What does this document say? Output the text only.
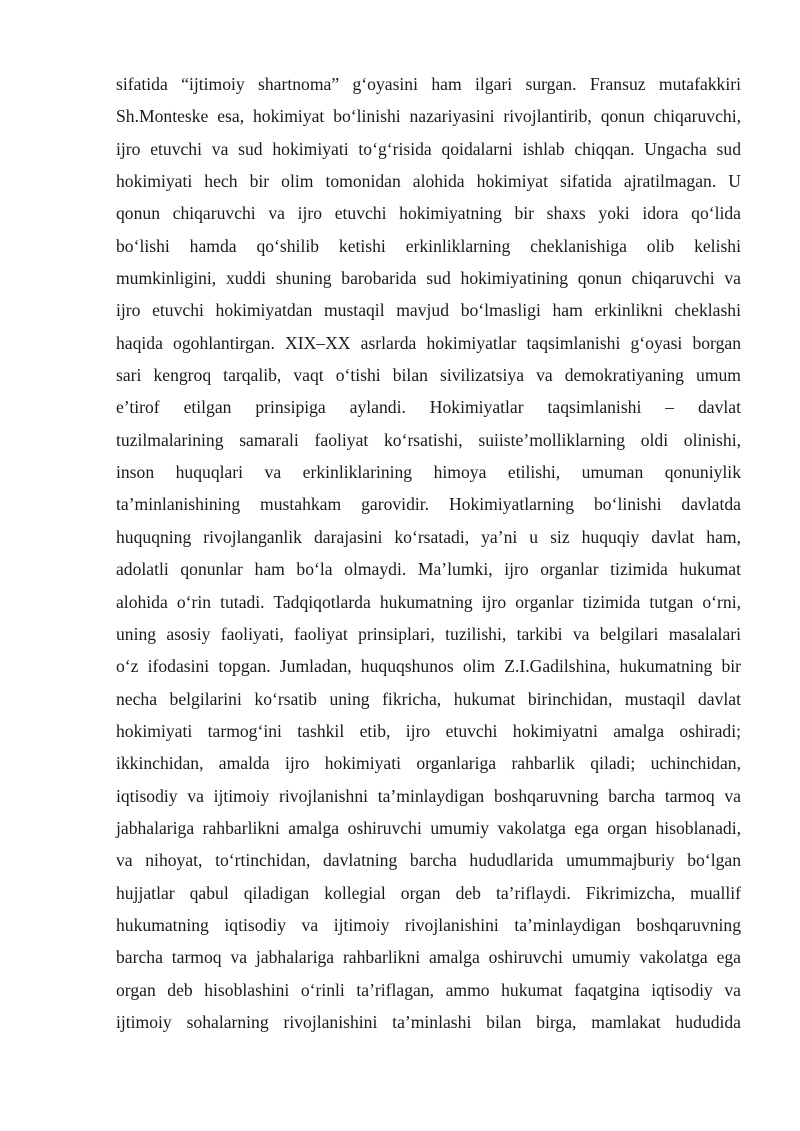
sifatida “ijtimoiy shartnoma” g‘oyasini ham ilgari surgan. Fransuz mutafakkiri
Sh.Monteske esa, hokimiyat bo‘linishi nazariyasini rivojlantirib, qonun chiqaruvchi,
ijro etuvchi va sud hokimiyati to‘g‘risida qoidalarni ishlab chiqqan. Ungacha sud
hokimiyati hech bir olim tomonidan alohida hokimiyat sifatida ajratilmagan. U
qonun chiqaruvchi va ijro etuvchi hokimiyatning bir shaxs yoki idora qo‘lida
bo‘lishi hamda qo‘shilib ketishi erkinliklarning cheklanishiga olib kelishi
mumkinligini, xuddi shuning barobarida sud hokimiyatining qonun chiqaruvchi va
ijro etuvchi hokimiyatdan mustaqil mavjud bo‘lmasligi ham erkinlikni cheklashi
haqida ogohlantirgan. XIX–XX asrlarda hokimiyatlar taqsimlanishi g‘oyasi borgan
sari kengroq tarqalib, vaqt o‘tishi bilan sivilizatsiya va demokratiyaning umum
e’tirof etilgan prinsipiga aylandi. Hokimiyatlar taqsimlanishi – davlat
tuzilmalarining samarali faoliyat ko‘rsatishi, suiiste’molliklarning oldi olinishi,
inson huquqlari va erkinliklarining himoya etilishi, umuman qonuniylik
ta’minlanishining mustahkam garovidir. Hokimiyatlarning bo‘linishi davlatda
huquqning rivojlanganlik darajasini ko‘rsatadi, ya’ni u siz huquqiy davlat ham,
adolatli qonunlar ham bo‘la olmaydi. Ma’lumki, ijro organlar tizimida hukumat
alohida o‘rin tutadi. Tadqiqotlarda hukumatning ijro organlar tizimida tutgan o‘rni,
uning asosiy faoliyati, faoliyat prinsiplari, tuzilishi, tarkibi va belgilari masalalari
o‘z ifodasini topgan. Jumladan, huquqshunos olim Z.I.Gadilshina, hukumatning bir
necha belgilarini ko‘rsatib uning fikricha, hukumat birinchidan, mustaqil davlat
hokimiyati tarmog‘ini tashkil etib, ijro etuvchi hokimiyatni amalga oshiradi;
ikkinchidan, amalda ijro hokimiyati organlariga rahbarlik qiladi; uchinchidan,
iqtisodiy va ijtimoiy rivojlanishni ta’minlaydigan boshqaruvning barcha tarmoq va
jabhalariga rahbarlikni amalga oshiruvchi umumiy vakolatga ega organ hisoblanadi,
va nihoyat, to‘rtinchidan, davlatning barcha hududlarida umummajburiy bo‘lgan
hujjatlar qabul qiladigan kollegial organ deb ta’riflaydi. Fikrimizcha, muallif
hukumatning iqtisodiy va ijtimoiy rivojlanishini ta’minlaydigan boshqaruvning
barcha tarmoq va jabhalariga rahbarlikni amalga oshiruvchi umumiy vakolatga ega
organ deb hisoblashini o‘rinli ta’riflagan, ammo hukumat faqatgina iqtisodiy va
ijtimoiy sohalarning rivojlanishini ta’minlashi bilan birga, mamlakat hududida
